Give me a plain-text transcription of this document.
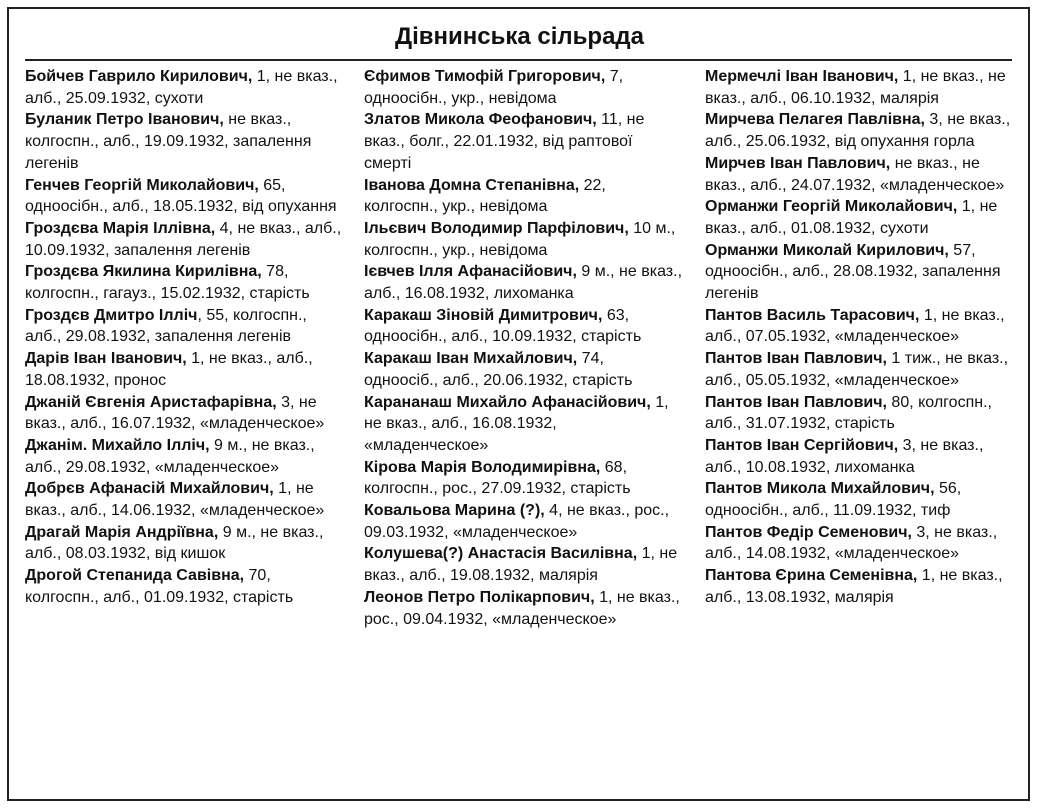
Дівнинська сільрада

Бойчев Гаврило Кирилович, 1, не вказ., алб., 25.09.1932, сухоти

Буланик Петро Іванович, не вказ., колгоспн., алб., 19.09.1932, запалення легенів

Генчев Георгій Миколайович, 65, одноосібн., алб., 18.05.1932, від опухання

Гроздєва Марія Іллівна, 4, не вказ., алб., 10.09.1932, запалення легенів

Гроздєва Якилина Кирилівна, 78, колгоспн., гагауз., 15.02.1932, старість

Гроздєв Дмитро Ілліч, 55, колгоспн., алб., 29.08.1932, запалення легенів

Дарів Іван Іванович, 1, не вказ., алб., 18.08.1932, пронос

Джаній Євгенія Аристафарівна, 3, не вказ., алб., 16.07.1932, «младенческое»

Джанім. Михайло Ілліч, 9 м., не вказ., алб., 29.08.1932, «младенческое»

Добрєв Афанасій Михайлович, 1, не вказ., алб., 14.06.1932, «младенческое»

Драгай Марія Андріївна, 9 м., не вказ., алб., 08.03.1932, від кишок

Дрогой Степанида Савівна, 70, колгоспн., алб., 01.09.1932, старість

Єфимов Тимофій Григорович, 7, одноосібн., укр., невідома

Златов Микола Феофанович, 11, не вказ., болг., 22.01.1932, від раптової смерті

Іванова Домна Степанівна, 22, колгоспн., укр., невідома

Ільєвич Володимир Парфілович, 10 м., колгоспн., укр., невідома

Ієвчев Ілля Афанасійович, 9 м., не вказ., алб., 16.08.1932, лихоманка

Каракаш Зіновій Димитрович, 63, одноосібн., алб., 10.09.1932, старість

Каракаш Іван Михайлович, 74, одноосіб., алб., 20.06.1932, старість

Карананаш Михайло Афанасійович, 1, не вказ., алб., 16.08.1932, «младенческое»

Кірова Марія Володимирівна, 68, колгоспн., рос., 27.09.1932, старість

Ковальова Марина (?), 4, не вказ., рос., 09.03.1932, «младенческое»

Колушева(?) Анастасія Василівна, 1, не вказ., алб., 19.08.1932, малярія

Леонов Петро Полікарпович, 1, не вказ., рос., 09.04.1932, «младенческое»

Мермечлі Іван Іванович, 1, не вказ., не вказ., алб., 06.10.1932, малярія

Мирчева Пелагея Павлівна, 3, не вказ., алб., 25.06.1932, від опухання горла

Мирчев Іван Павлович, не вказ., не вказ., алб., 24.07.1932, «младенческое»

Орманжи Георгій Миколайович, 1, не вказ., алб., 01.08.1932, сухоти

Орманжи Миколай Кирилович, 57, одноосібн., алб., 28.08.1932, запалення легенів

Пантов Василь Тарасович, 1, не вказ., алб., 07.05.1932, «младенческое»

Пантов Іван Павлович, 1 тиж., не вказ., алб., 05.05.1932, «младенческое»

Пантов Іван Павлович, 80, колгоспн., алб., 31.07.1932, старість

Пантов Іван Сергійович, 3, не вказ., алб., 10.08.1932, лихоманка

Пантов Микола Михайлович, 56, одноосібн., алб., 11.09.1932, тиф

Пантов Федір Семенович, 3, не вказ., алб., 14.08.1932, «младенческое»

Пантова Єрина Семенівна, 1, не вказ., алб., 13.08.1932, малярія
